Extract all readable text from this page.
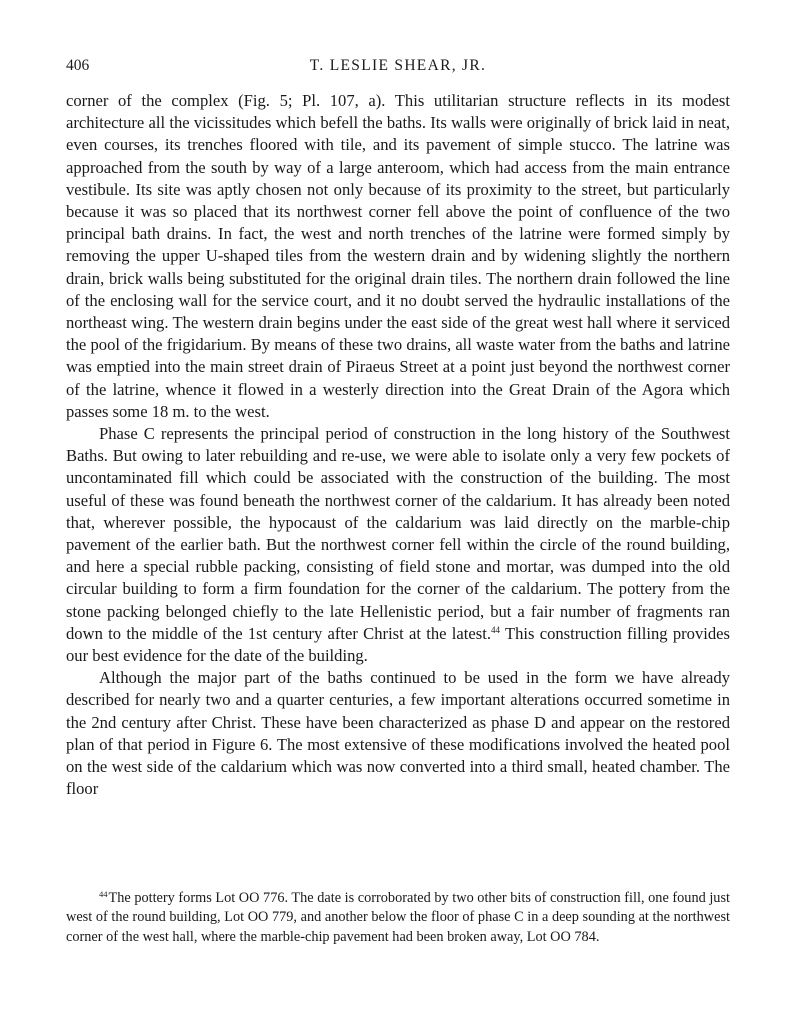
406	T. LESLIE SHEAR, JR.

corner of the complex (Fig. 5; Pl. 107, a). This utilitarian structure reflects in its modest architecture all the vicissitudes which befell the baths. Its walls were originally of brick laid in neat, even courses, its trenches floored with tile, and its pavement of simple stucco. The latrine was approached from the south by way of a large anteroom, which had access from the main entrance vestibule. Its site was aptly chosen not only because of its proximity to the street, but particularly because it was so placed that its northwest corner fell above the point of confluence of the two principal bath drains. In fact, the west and north trenches of the latrine were formed simply by removing the upper U-shaped tiles from the western drain and by widening slightly the northern drain, brick walls being substituted for the original drain tiles. The northern drain followed the line of the enclosing wall for the service court, and it no doubt served the hydraulic installations of the northeast wing. The western drain begins under the east side of the great west hall where it serviced the pool of the frigidarium. By means of these two drains, all waste water from the baths and latrine was emptied into the main street drain of Piraeus Street at a point just beyond the northwest corner of the latrine, whence it flowed in a westerly direction into the Great Drain of the Agora which passes some 18 m. to the west.

Phase C represents the principal period of construction in the long history of the Southwest Baths. But owing to later rebuilding and re-use, we were able to isolate only a very few pockets of uncontaminated fill which could be associated with the construction of the building. The most useful of these was found beneath the northwest corner of the caldarium. It has already been noted that, wherever possible, the hypocaust of the caldarium was laid directly on the marble-chip pavement of the earlier bath. But the northwest corner fell within the circle of the round building, and here a special rubble packing, consisting of field stone and mortar, was dumped into the old circular building to form a firm foundation for the corner of the caldarium. The pottery from the stone packing belonged chiefly to the late Hellenistic period, but a fair number of fragments ran down to the middle of the 1st century after Christ at the latest.$^{44}$ This construction filling provides our best evidence for the date of the building.

Although the major part of the baths continued to be used in the form we have already described for nearly two and a quarter centuries, a few important alterations occurred sometime in the 2nd century after Christ. These have been characterized as phase D and appear on the restored plan of that period in Figure 6. The most extensive of these modifications involved the heated pool on the west side of the caldarium which was now converted into a third small, heated chamber. The floor

$^{44}$The pottery forms Lot OO 776. The date is corroborated by two other bits of construction fill, one found just west of the round building, Lot OO 779, and another below the floor of phase C in a deep sounding at the northwest corner of the west hall, where the marble-chip pavement had been broken away, Lot OO 784.
